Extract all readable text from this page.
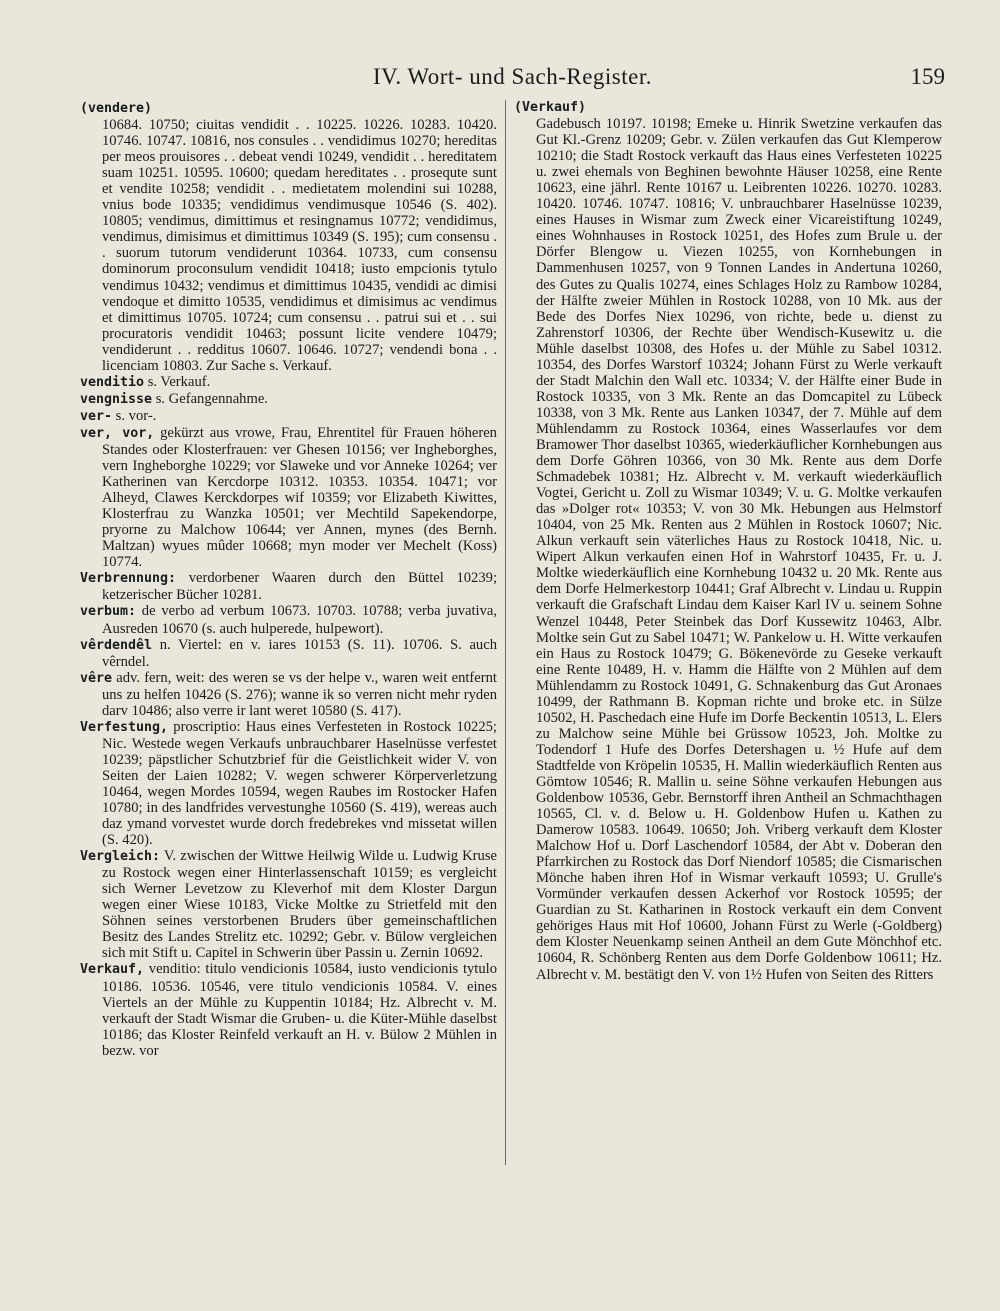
IV. Wort- und Sach-Register.	159

(vendere)

10684. 10750; ciuitas vendidit . . 10225. 10226. 10283. 10420. 10746. 10747. 10816, nos consules . . vendidimus 10270; hereditas per meos prouisores . . debeat vendi 10249, vendidit . . hereditatem suam 10251. 10595. 10600; quedam hereditates . . prosequte sunt et vendite 10258; vendidit . . medietatem molendini sui 10288, vnius bode 10335; vendidimus vendimusque 10546 (S. 402). 10805; vendimus, dimittimus et resingnamus 10772; vendidimus, vendimus, dimisimus et dimittimus 10349 (S. 195); cum consensu . . suorum tutorum vendiderunt 10364. 10733, cum consensu dominorum proconsulum vendidit 10418; iusto empcionis tytulo vendimus 10432; vendimus et dimittimus 10435, vendidi ac dimisi vendoque et dimitto 10535, vendidimus et dimisimus ac vendimus et dimittimus 10705. 10724; cum consensu . . patrui sui et . . sui procuratoris vendidit 10463; possunt licite vendere 10479; vendiderunt . . redditus 10607. 10646. 10727; vendendi bona . . licenciam 10803. Zur Sache s. Verkauf.

venditio s. Verkauf.

vengnisse s. Gefangennahme.

ver- s. vor-.

ver, vor, gekürzt aus vrowe, Frau, Ehrentitel für Frauen höheren Standes oder Klosterfrauen: ver Ghesen 10156; ver Ingheborghes, vern Ingheborghe 10229; vor Slaweke und vor Anneke 10264; ver Katherinen van Kercdorpe 10312. 10353. 10354. 10471; vor Alheyd, Clawes Kerckdorpes wif 10359; vor Elizabeth Kiwittes, Klosterfrau zu Wanzka 10501; ver Mechtild Sapekendorpe, pryorne zu Malchow 10644; ver Annen, mynes (des Bernh. Maltzan) wyues mûder 10668; myn moder ver Mechelt (Koss) 10774.

Verbrennung: verdorbener Waaren durch den Büttel 10239; ketzerischer Bücher 10281.

verbum: de verbo ad verbum 10673. 10703. 10788; verba juvativa, Ausreden 10670 (s. auch hulperede, hulpewort).

vêrdendêl n. Viertel: en v. iares 10153 (S. 11). 10706. S. auch vêrndel.

vêre adv. fern, weit: des weren se vs der helpe v., waren weit entfernt uns zu helfen 10426 (S. 276); wanne ik so verren nicht mehr ryden darv 10486; also verre ir lant weret 10580 (S. 417).

Verfestung, proscriptio: Haus eines Verfesteten in Rostock 10225; Nic. Westede wegen Verkaufs unbrauchbarer Haselnüsse verfestet 10239; päpstlicher Schutzbrief für die Geistlichkeit wider V. von Seiten der Laien 10282; V. wegen schwerer Körperverletzung 10464, wegen Mordes 10594, wegen Raubes im Rostocker Hafen 10780; in des landfrides vervestunghe 10560 (S. 419), wereas auch daz ymand vorvestet wurde dorch fredebrekes vnd missetat willen (S. 420).

Vergleich: V. zwischen der Wittwe Heilwig Wilde u. Ludwig Kruse zu Rostock wegen einer Hinterlassenschaft 10159; es vergleicht sich Werner Levetzow zu Kleverhof mit dem Kloster Dargun wegen einer Wiese 10183, Vicke Moltke zu Strietfeld mit den Söhnen seines verstorbenen Bruders über gemeinschaftlichen Besitz des Landes Strelitz etc. 10292; Gebr. v. Bülow vergleichen sich mit Stift u. Capitel in Schwerin über Passin u. Zernin 10692.

Verkauf, venditio: titulo vendicionis 10584, iusto vendicionis tytulo 10186. 10536. 10546, vere titulo vendicionis 10584. V. eines Viertels an der Mühle zu Kuppentin 10184; Hz. Albrecht v. M. verkauft der Stadt Wismar die Gruben- u. die Küter-Mühle daselbst 10186; das Kloster Reinfeld verkauft an H. v. Bülow 2 Mühlen in bezw. vor

(Verkauf)

Gadebusch 10197. 10198; Emeke u. Hinrik Swetzine verkaufen das Gut Kl.-Grenz 10209; Gebr. v. Zülen verkaufen das Gut Klemperow 10210; die Stadt Rostock verkauft das Haus eines Verfesteten 10225 u. zwei ehemals von Beghinen bewohnte Häuser 10258, eine Rente 10623, eine jährl. Rente 10167 u. Leibrenten 10226. 10270. 10283. 10420. 10746. 10747. 10816; V. unbrauchbarer Haselnüsse 10239, eines Hauses in Wismar zum Zweck einer Vicareistiftung 10249, eines Wohnhauses in Rostock 10251, des Hofes zum Brule u. der Dörfer Blengow u. Viezen 10255, von Kornhebungen in Dammenhusen 10257, von 9 Tonnen Landes in Andertuna 10260, des Gutes zu Qualis 10274, eines Schlages Holz zu Rambow 10284, der Hälfte zweier Mühlen in Rostock 10288, von 10 Mk. aus der Bede des Dorfes Niex 10296, von richte, bede u. dienst zu Zahrenstorf 10306, der Rechte über Wendisch-Kusewitz u. die Mühle daselbst 10308, des Hofes u. der Mühle zu Sabel 10312. 10354, des Dorfes Warstorf 10324; Johann Fürst zu Werle verkauft der Stadt Malchin den Wall etc. 10334; V. der Hälfte einer Bude in Rostock 10335, von 3 Mk. Rente an das Domcapitel zu Lübeck 10338, von 3 Mk. Rente aus Lanken 10347, der 7. Mühle auf dem Mühlendamm zu Rostock 10364, eines Wasserlaufes vor dem Bramower Thor daselbst 10365, wiederkäuflicher Kornhebungen aus dem Dorfe Göhren 10366, von 30 Mk. Rente aus dem Dorfe Schmadebek 10381; Hz. Albrecht v. M. verkauft wiederkäuflich Vogtei, Gericht u. Zoll zu Wismar 10349; V. u. G. Moltke verkaufen das »Dolger rot« 10353; V. von 30 Mk. Hebungen aus Helmstorf 10404, von 25 Mk. Renten aus 2 Mühlen in Rostock 10607; Nic. Alkun verkauft sein väterliches Haus zu Rostock 10418, Nic. u. Wipert Alkun verkaufen einen Hof in Wahrstorf 10435, Fr. u. J. Moltke wiederkäuflich eine Kornhebung 10432 u. 20 Mk. Rente aus dem Dorfe Helmerkestorp 10441; Graf Albrecht v. Lindau u. Ruppin verkauft die Grafschaft Lindau dem Kaiser Karl IV u. seinem Sohne Wenzel 10448, Peter Steinbek das Dorf Kussewitz 10463, Albr. Moltke sein Gut zu Sabel 10471; W. Pankelow u. H. Witte verkaufen ein Haus zu Rostock 10479; G. Bökenevörde zu Geseke verkauft eine Rente 10489, H. v. Hamm die Hälfte von 2 Mühlen auf dem Mühlendamm zu Rostock 10491, G. Schnakenburg das Gut Aronaes 10499, der Rathmann B. Kopman richte und broke etc. in Sülze 10502, H. Paschedach eine Hufe im Dorfe Beckentin 10513, L. Elers zu Malchow seine Mühle bei Grüssow 10523, Joh. Moltke zu Todendorf 1 Hufe des Dorfes Detershagen u. ½ Hufe auf dem Stadtfelde von Kröpelin 10535, H. Mallin wiederkäuflich Renten aus Gömtow 10546; R. Mallin u. seine Söhne verkaufen Hebungen aus Goldenbow 10536, Gebr. Bernstorff ihren Antheil an Schmachthagen 10565, Cl. v. d. Below u. H. Goldenbow Hufen u. Kathen zu Damerow 10583. 10649. 10650; Joh. Vriberg verkauft dem Kloster Malchow Hof u. Dorf Laschendorf 10584, der Abt v. Doberan den Pfarrkirchen zu Rostock das Dorf Niendorf 10585; die Cismarischen Mönche haben ihren Hof in Wismar verkauft 10593; U. Grulle's Vormünder verkaufen dessen Ackerhof vor Rostock 10595; der Guardian zu St. Katharinen in Rostock verkauft ein dem Convent gehöriges Haus mit Hof 10600, Johann Fürst zu Werle (-Goldberg) dem Kloster Neuenkamp seinen Antheil an dem Gute Mönchhof etc. 10604, R. Schönberg Renten aus dem Dorfe Goldenbow 10611; Hz. Albrecht v. M. bestätigt den V. von 1½ Hufen von Seiten des Ritters
